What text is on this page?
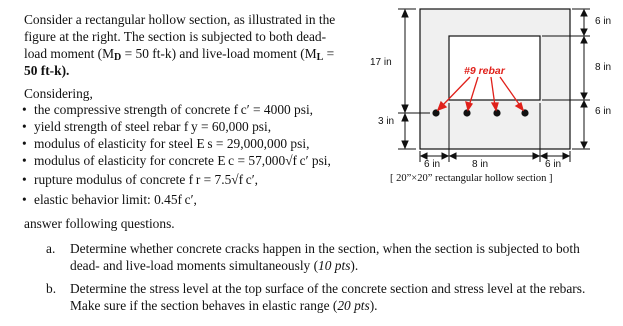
Consider a rectangular hollow section, as illustrated in the
figure at the right. The section is subjected to both dead-
load moment (MD = 50 ft-k) and live-load moment (ML =
50 ft-k).
Considering,
• the compressive strength of concrete f c′ = 4000 psi,
• yield strength of steel rebar f y = 60,000 psi,
• modulus of elasticity for steel E s = 29,000,000 psi,
• modulus of elasticity for concrete E c = 57,000√f c′ psi,
• rupture modulus of concrete f r = 7.5√f c′,
• elastic behavior limit: 0.45f c′,
answer following questions.
a. Determine whether concrete cracks happen in the section, when the section is subjected to both
dead- and live-load moments simultaneously (10 pts).
b. Determine the stress level at the top surface of the concrete section and stress level at the rebars.
Make sure if the section behaves in elastic range (20 pts).
#9 rebar
17 in
3 in
6 in
8 in
6 in
6 in	8 in	6 in
[ 20”×20” rectangular hollow section ]
